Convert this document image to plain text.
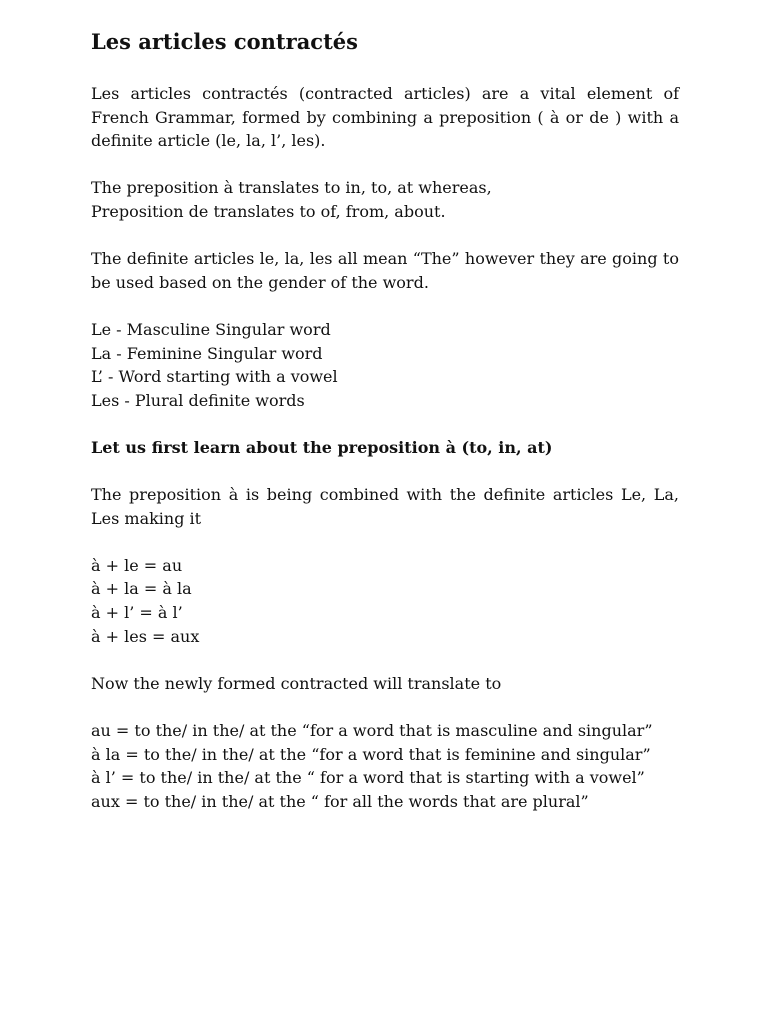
Les articles contractés

Les articles contractés (contracted articles) are a vital element of French Grammar, formed by combining a preposition ( à or de ) with a definite article (le, la, l’, les).

The preposition à translates to in, to, at whereas,
Preposition de translates to of, from, about.

The definite articles le, la, les all mean “The” however they are going to be used based on the gender of the word.

Le - Masculine Singular word
La - Feminine Singular word
L’ - Word starting with a vowel
Les - Plural definite words

Let us first learn about the preposition à (to, in, at)

The preposition à is being combined with the definite articles Le, La, Les making it

à + le = au
à + la = à la
à + l’ = à l’
à + les = aux

Now the newly formed contracted will translate to

au = to the/ in the/ at the “for a word that is masculine and singular”
à la = to the/ in the/ at the “for a word that is feminine and singular”
à l’ = to the/ in the/ at the “ for a word that is starting with a vowel”
aux = to the/ in the/ at the “ for all the words that are plural”
